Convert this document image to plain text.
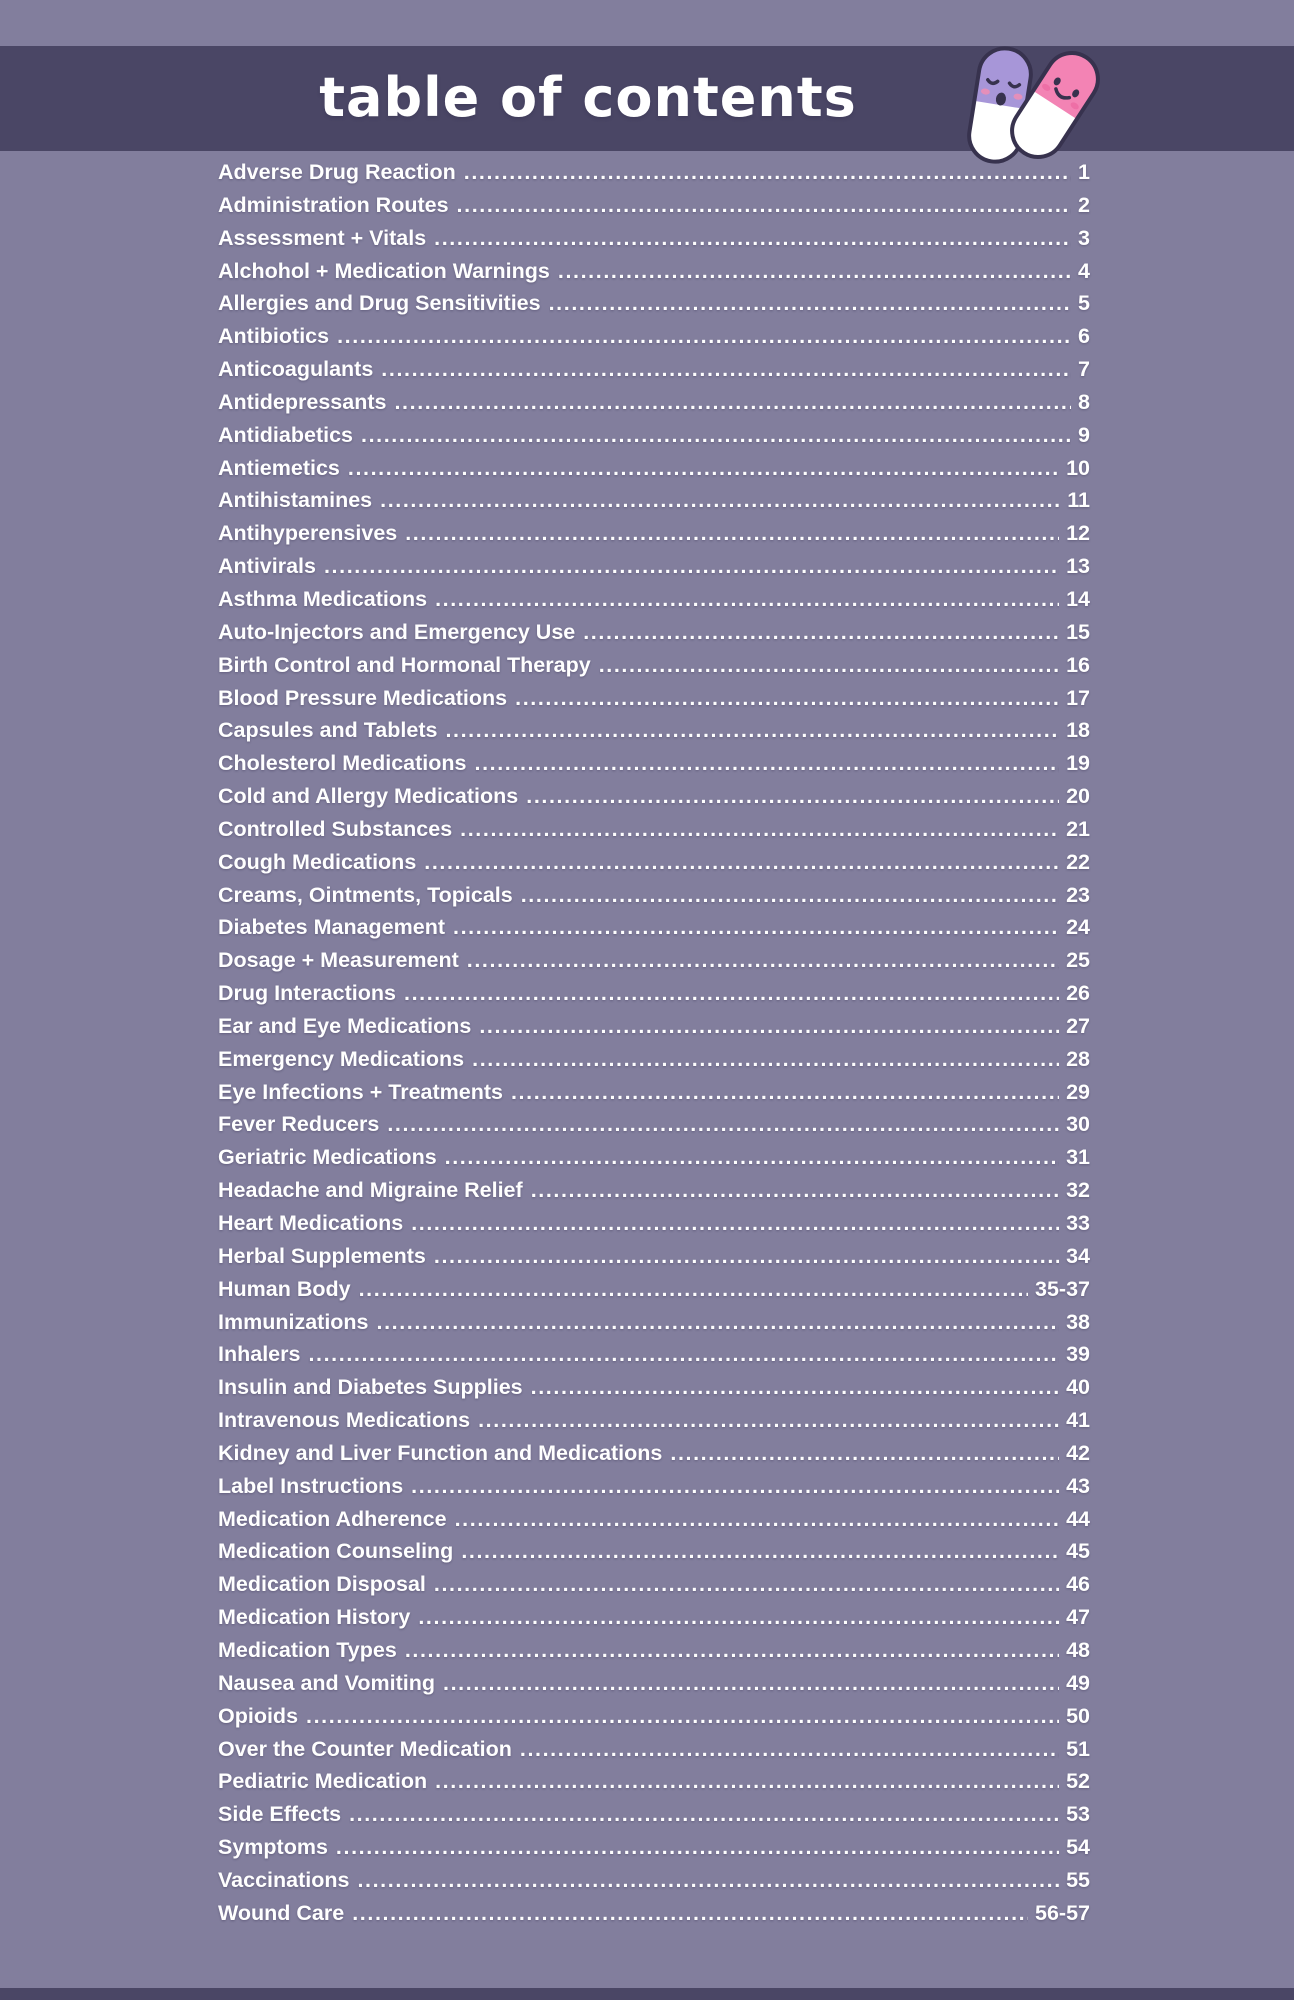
table of contents
Adverse Drug Reaction .....	1
Administration Routes .....	2
Assessment + Vitals .....	3
Alchohol + Medication Warnings .....	4
Allergies and Drug Sensitivities .....	5
Antibiotics .....	6
Anticoagulants .....	7
Antidepressants .....	8
Antidiabetics .....	9
Antiemetics .....	10
Antihistamines .....	11
Antihyperensives .....	12
Antivirals .....	13
Asthma Medications .....	14
Auto-Injectors and Emergency Use .....	15
Birth Control and Hormonal Therapy .....	16
Blood Pressure Medications .....	17
Capsules and Tablets .....	18
Cholesterol Medications .....	19
Cold and Allergy Medications .....	20
Controlled Substances .....	21
Cough Medications .....	22
Creams, Ointments, Topicals .....	23
Diabetes Management .....	24
Dosage + Measurement .....	25
Drug Interactions .....	26
Ear and Eye Medications .....	27
Emergency Medications .....	28
Eye Infections + Treatments .....	29
Fever Reducers .....	30
Geriatric Medications .....	31
Headache and Migraine Relief .....	32
Heart Medications .....	33
Herbal Supplements .....	34
Human Body .....	35-37
Immunizations .....	38
Inhalers .....	39
Insulin and Diabetes Supplies .....	40
Intravenous Medications .....	41
Kidney and Liver Function and Medications .....	42
Label Instructions .....	43
Medication Adherence .....	44
Medication Counseling .....	45
Medication Disposal .....	46
Medication History .....	47
Medication Types .....	48
Nausea and Vomiting .....	49
Opioids .....	50
Over the Counter Medication .....	51
Pediatric Medication .....	52
Side Effects .....	53
Symptoms .....	54
Vaccinations .....	55
Wound Care .....	56-57
